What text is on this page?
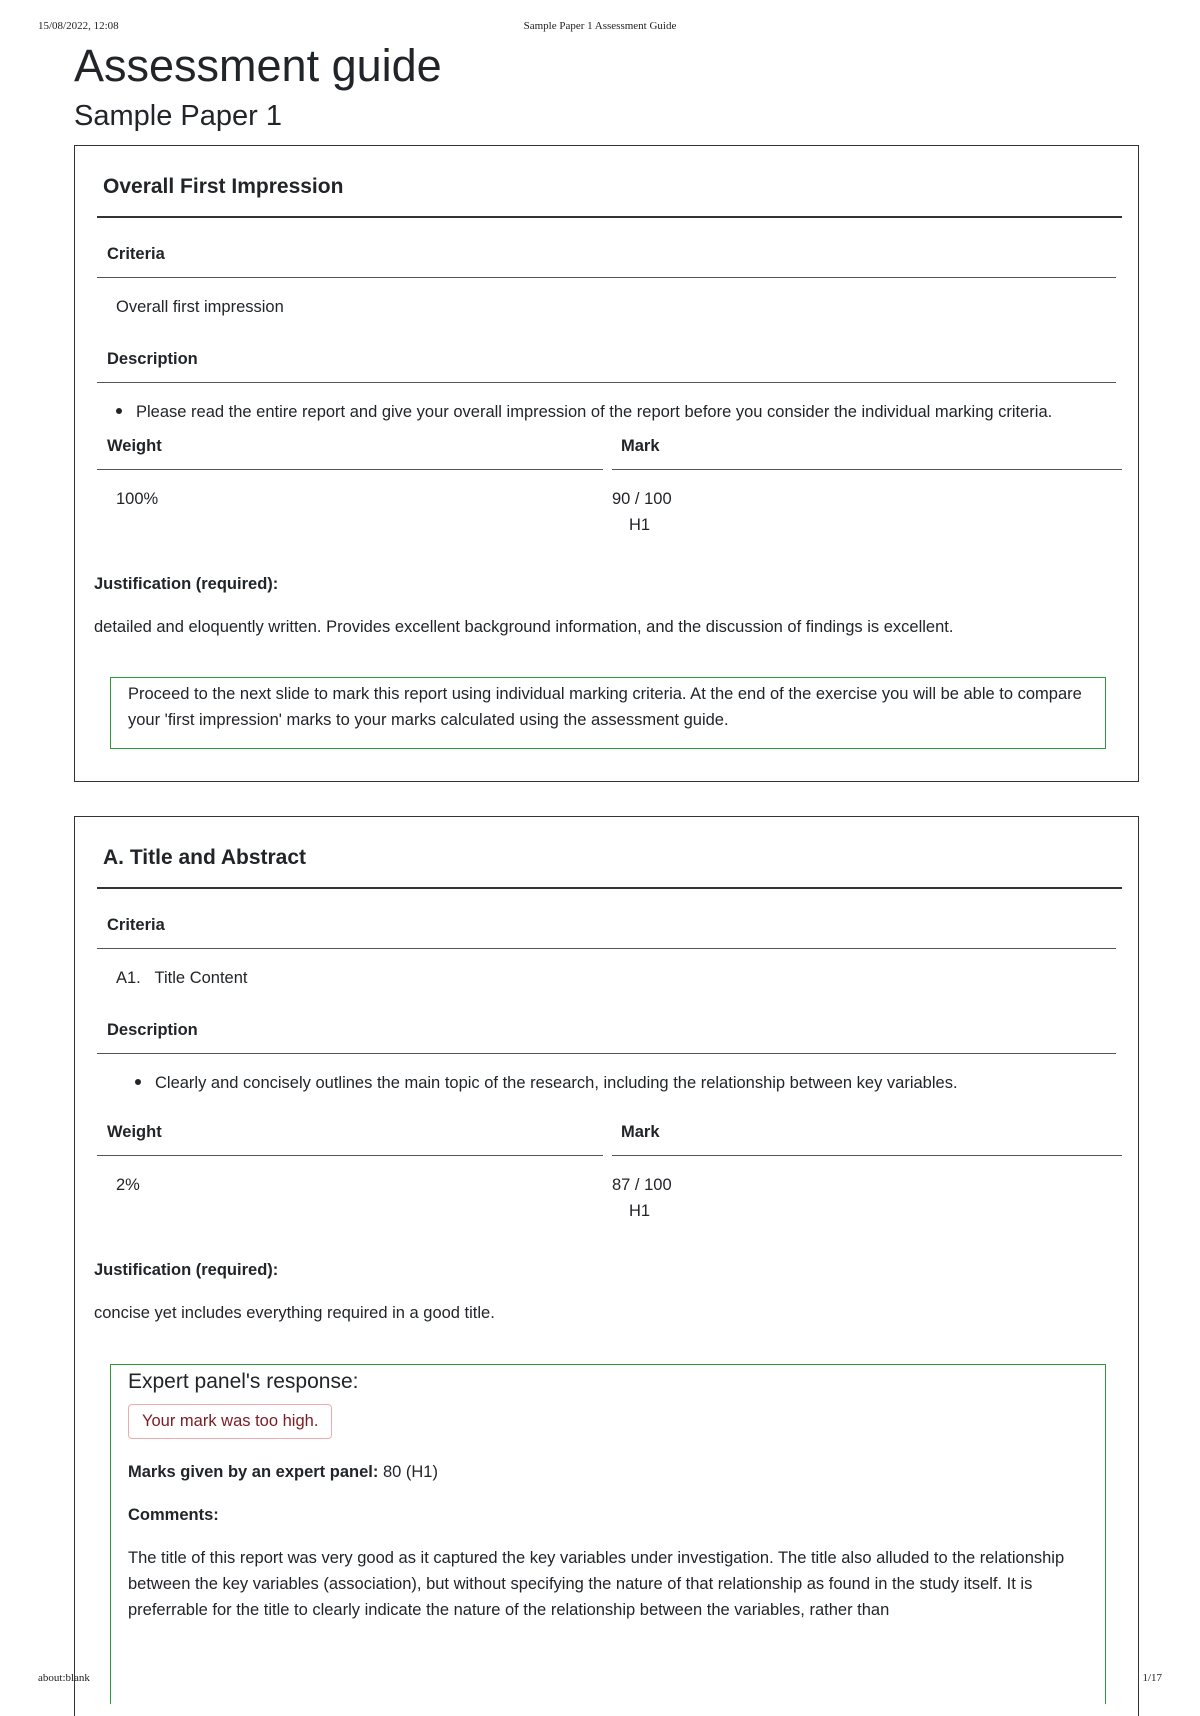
15/08/2022, 12:08	Sample Paper 1 Assessment Guide
Assessment guide
Sample Paper 1
Overall First Impression
Criteria
Overall first impression
Description
Please read the entire report and give your overall impression of the report before you consider the individual marking criteria.
Weight	Mark
100%	90 / 100
H1
Justification (required):
detailed and eloquently written. Provides excellent background information, and the discussion of findings is excellent.

Proceed to the next slide to mark this report using individual marking criteria. At the end of the exercise you will be able to compare your 'first impression' marks to your marks calculated using the assessment guide.

A. Title and Abstract
Criteria
A1. Title Content
Description
Clearly and concisely outlines the main topic of the research, including the relationship between key variables.
Weight	Mark
2%	87 / 100
H1
Justification (required):
concise yet includes everything required in a good title.
Expert panel's response:
Your mark was too high.
Marks given by an expert panel: 80 (H1)
Comments:

The title of this report was very good as it captured the key variables under investigation. The title also alluded to the relationship between the key variables (association), but without specifying the nature of that relationship as found in the study itself. It is preferrable for the title to clearly indicate the nature of the relationship between the variables, rather than

about:blank	1/17
